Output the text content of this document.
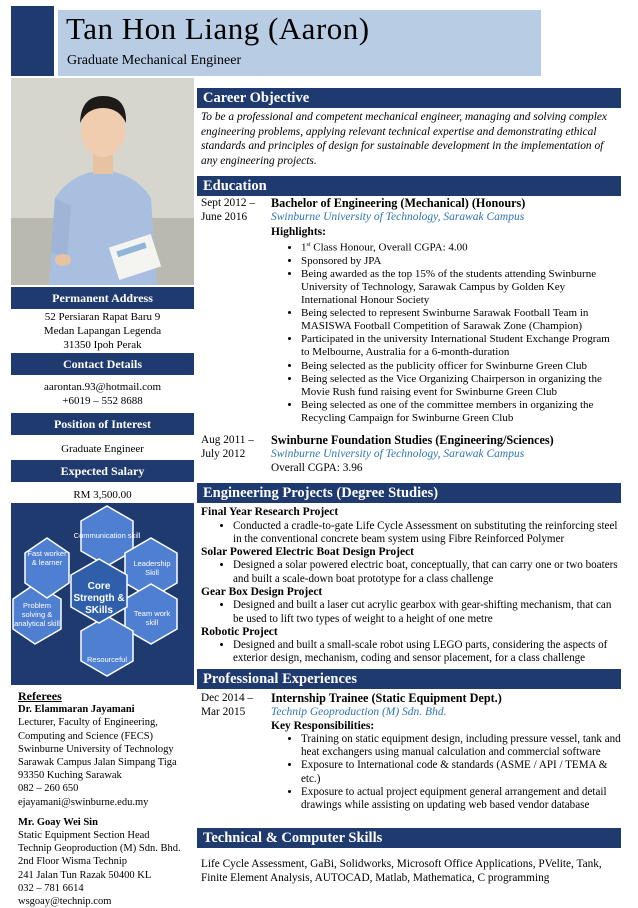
Tan Hon Liang (Aaron)
Graduate Mechanical Engineer
Permanent Address
52 Persiaran Rapat Baru 9
Medan Lapangan Legenda
31350 Ipoh Perak
Contact Details
aarontan.93@hotmail.com
+6019 – 552 8688
Position of Interest
Graduate Engineer
Expected Salary
RM 3,500.00
Communication skill
Leadership Skill
Team work skill
Resourceful
Problem solving & analytical skill
Fast worker & learner
Core Strength & SKills
Referees
Dr. Elammaran Jayamani
Lecturer, Faculty of Engineering,
Computing and Science (FECS)
Swinburne University of Technology
Sarawak Campus Jalan Simpang Tiga
93350 Kuching Sarawak
082 – 260 650
ejayamani@swinburne.edu.my
Mr. Goay Wei Sin
Static Equipment Section Head
Technip Geoproduction (M) Sdn. Bhd.
2nd Floor Wisma Technip
241 Jalan Tun Razak 50400 KL
032 – 781 6614
wsgoay@technip.com
Career Objective
To be a professional and competent mechanical engineer, managing and solving complex engineering problems, applying relevant technical expertise and demonstrating ethical standards and principles of design for sustainable development in the implementation of any engineering projects.
Education
Sept 2012 –
June 2016
Bachelor of Engineering (Mechanical) (Honours)
Swinburne University of Technology, Sarawak Campus
Highlights:
• 1st Class Honour, Overall CGPA: 4.00
• Sponsored by JPA
• Being awarded as the top 15% of the students attending Swinburne University of Technology, Sarawak Campus by Golden Key International Honour Society
• Being selected to represent Swinburne Sarawak Football Team in MASISWA Football Competition of Sarawak Zone (Champion)
• Participated in the university International Student Exchange Program to Melbourne, Australia for a 6-month-duration
• Being selected as the publicity officer for Swinburne Green Club
• Being selected as the Vice Organizing Chairperson in organizing the Movie Rush fund raising event for Swinburne Green Club
• Being selected as one of the committee members in organizing the Recycling Campaign for Swinburne Green Club
Aug 2011 –
July 2012
Swinburne Foundation Studies (Engineering/Sciences)
Swinburne University of Technology, Sarawak Campus
Overall CGPA: 3.96
Engineering Projects (Degree Studies)
Final Year Research Project
• Conducted a cradle-to-gate Life Cycle Assessment on substituting the reinforcing steel in the conventional concrete beam system using Fibre Reinforced Polymer
Solar Powered Electric Boat Design Project
• Designed a solar powered electric boat, conceptually, that can carry one or two boaters and built a scale-down boat prototype for a class challenge
Gear Box Design Project
• Designed and built a laser cut acrylic gearbox with gear-shifting mechanism, that can be used to lift two types of weight to a height of one metre
Robotic Project
• Designed and built a small-scale robot using LEGO parts, considering the aspects of exterior design, mechanism, coding and sensor placement, for a class challenge
Professional Experiences
Dec 2014 –
Mar 2015
Internship Trainee (Static Equipment Dept.)
Technip Geoproduction (M) Sdn. Bhd.
Key Responsibilities:
• Training on static equipment design, including pressure vessel, tank and heat exchangers using manual calculation and commercial software
• Exposure to International code & standards (ASME / API / TEMA & etc.)
• Exposure to actual project equipment general arrangement and detail drawings while assisting on updating web based vendor database
Technical & Computer Skills
Life Cycle Assessment, GaBi, Solidworks, Microsoft Office Applications, PVelite, Tank, Finite Element Analysis, AUTOCAD, Matlab, Mathematica, C programming
